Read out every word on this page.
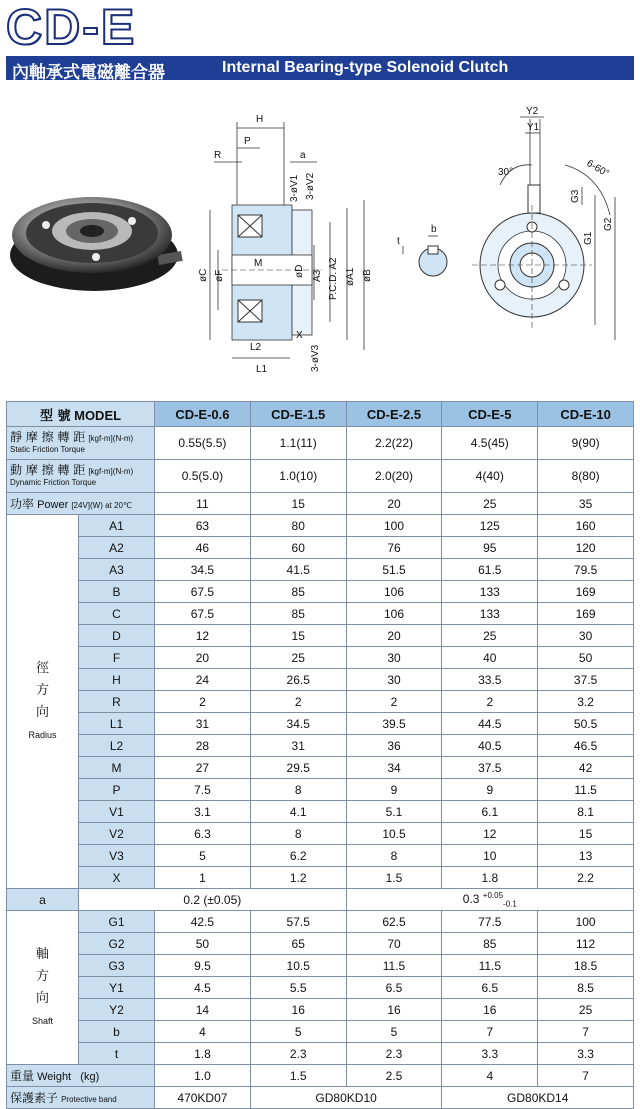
CD-E
內軸承式電磁離合器	Internal Bearing-type Solenoid Clutch
H
P
R	a
3-øV1 3-øV2
øC øF
M
øD A3 P.C.D. A2 øA1 øB
X
3-øV3
L2
L1
t
b
Y2
Y1
30°	6-60°
G3
G1
G2
型 號 MODEL		CD-E-0.6	CD-E-1.5	CD-E-2.5	CD-E-5	CD-E-10
靜 摩 擦 轉 距 [kgf-m](N-m)
Static Friction Torque		0.55(5.5)	1.1(11)	2.2(22)	4.5(45)	9(90)
動 摩 擦 轉 距 [kgf-m](N-m)
Dynamic Friction Torque		0.5(5.0)	1.0(10)	2.0(20)	4(40)	8(80)
功率 Power [24V](W) at 20℃		11	15	20	25	35

徑
方
向
Radius	A1	63	80	100	125	160
	A2	46	60	76	95	120
	A3	34.5	41.5	51.5	61.5	79.5
	B	67.5	85	106	133	169
	C	67.5	85	106	133	169
	D	12	15	20	25	30
	F	20	25	30	40	50
	H	24	26.5	30	33.5	37.5
	R	2	2	2	2	3.2
	L1	31	34.5	39.5	44.5	50.5
	L2	28	31	36	40.5	46.5
	M	27	29.5	34	37.5	42
	P	7.5	8	9	9	11.5
	V1	3.1	4.1	5.1	6.1	8.1
	V2	6.3	8	10.5	12	15
	V3	5	6.2	8	10	13
	X	1	1.2	1.5	1.8	2.2
a	0.2 (±0.05)			0.3 $^{+0.05}_{-0.1}$

軸
方
向
Shaft	G1	42.5	57.5	62.5	77.5	100
	G2	50	65	70	85	112
	G3	9.5	10.5	11.5	11.5	18.5
	Y1	4.5	5.5	6.5	6.5	8.5
	Y2	14	16	16	16	25
	b	4	5	5	7	7
	t	1.8	2.3	2.3	3.3	3.3
重量 Weight (kg)		1.0	1.5	2.5	4	7
保護素子 Protective band		470KD07	GD80KD10		GD80KD14	
